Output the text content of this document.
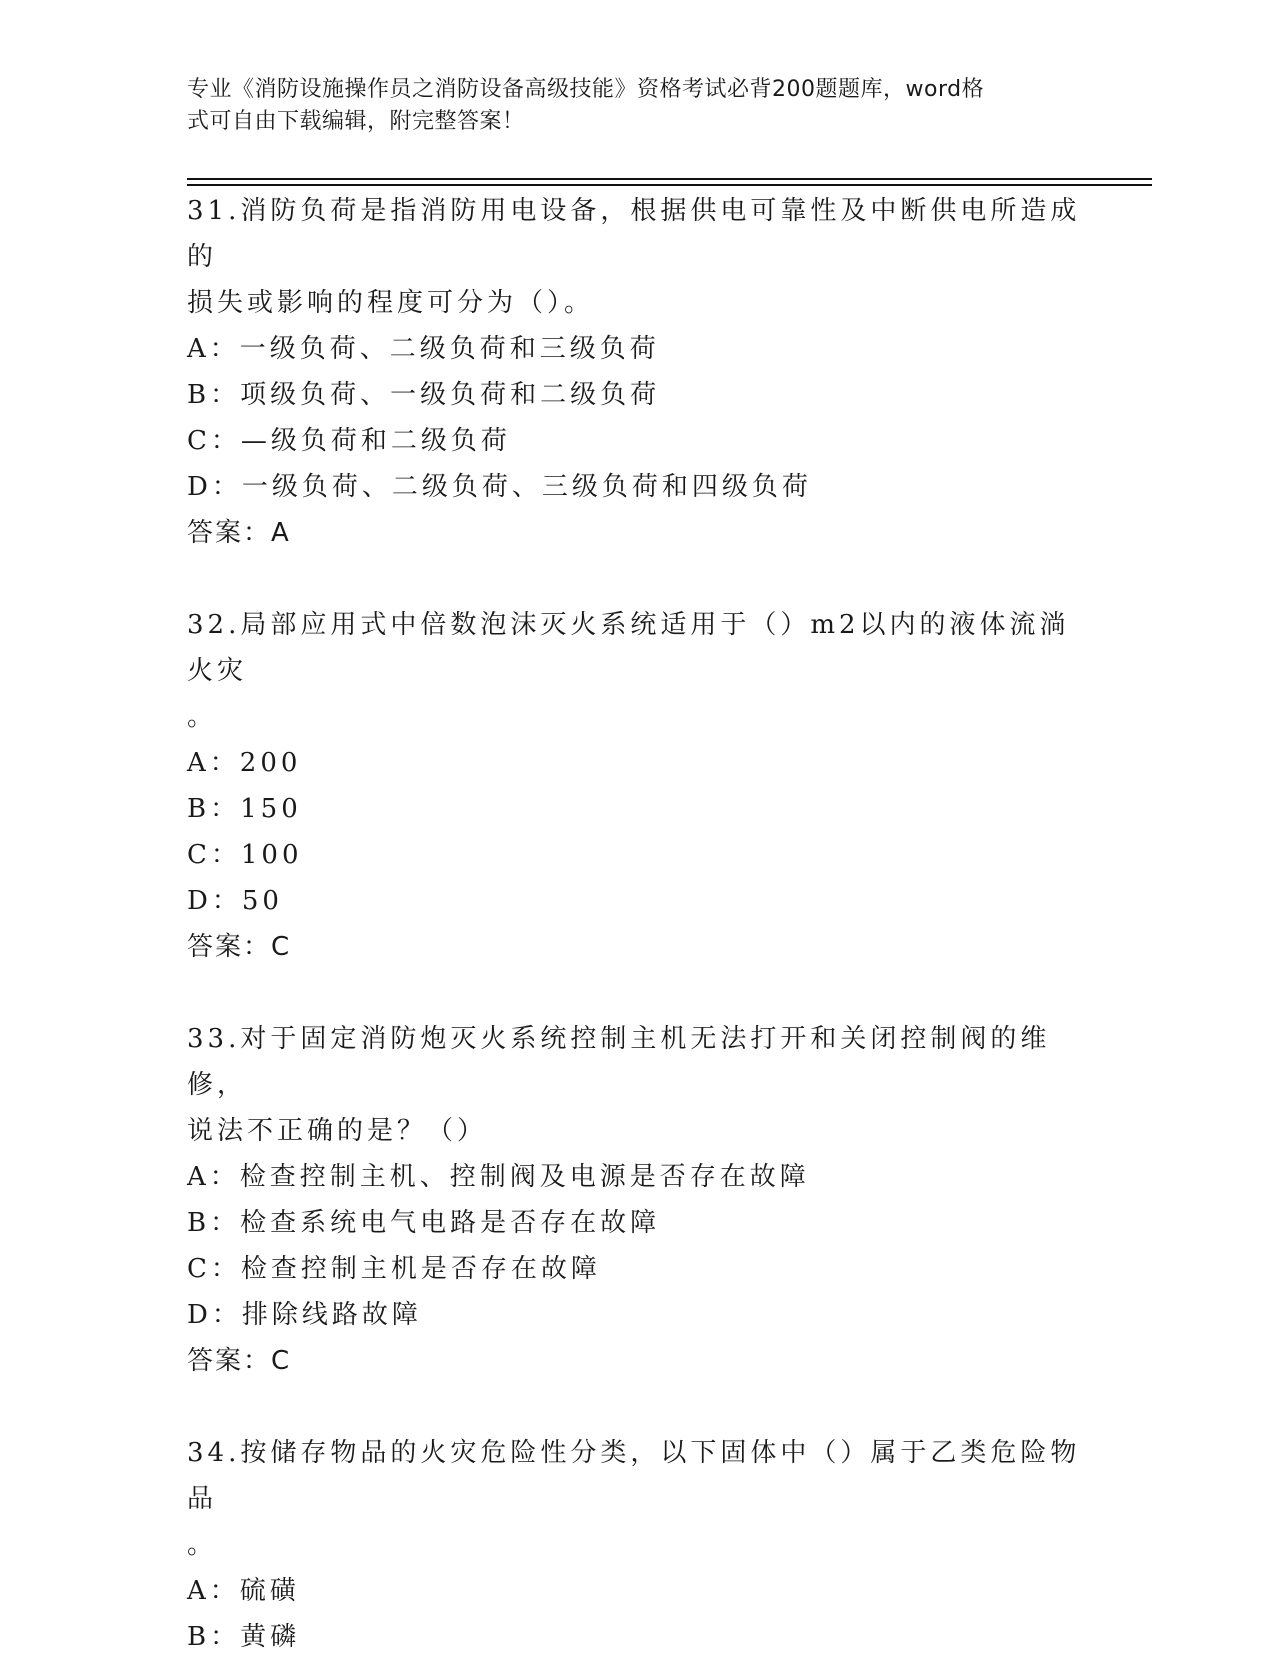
专业《消防设施操作员之消防设备高级技能》资格考试必背200题题库，word格
式可自由下载编辑，附完整答案！

31.消防负荷是指消防用电设备，根据供电可靠性及中断供电所造成的

损失或影响的程度可分为（）。

A：一级负荷、二级负荷和三级负荷

B：项级负荷、一级负荷和二级负荷

C：—级负荷和二级负荷

D：一级负荷、二级负荷、三级负荷和四级负荷

答案：A

32.局部应用式中倍数泡沫灭火系统适用于（）m2以内的液体流淌火灾

。

A：200

B：150

C：100

D：50

答案：C

33.对于固定消防炮灭火系统控制主机无法打开和关闭控制阀的维修，

说法不正确的是？（）

A：检查控制主机、控制阀及电源是否存在故障

B：检查系统电气电路是否存在故障

C：检查控制主机是否存在故障

D：排除线路故障

答案：C

34.按储存物品的火灾危险性分类，以下固体中（）属于乙类危险物品

。

A：硫磺

B：黄磷
